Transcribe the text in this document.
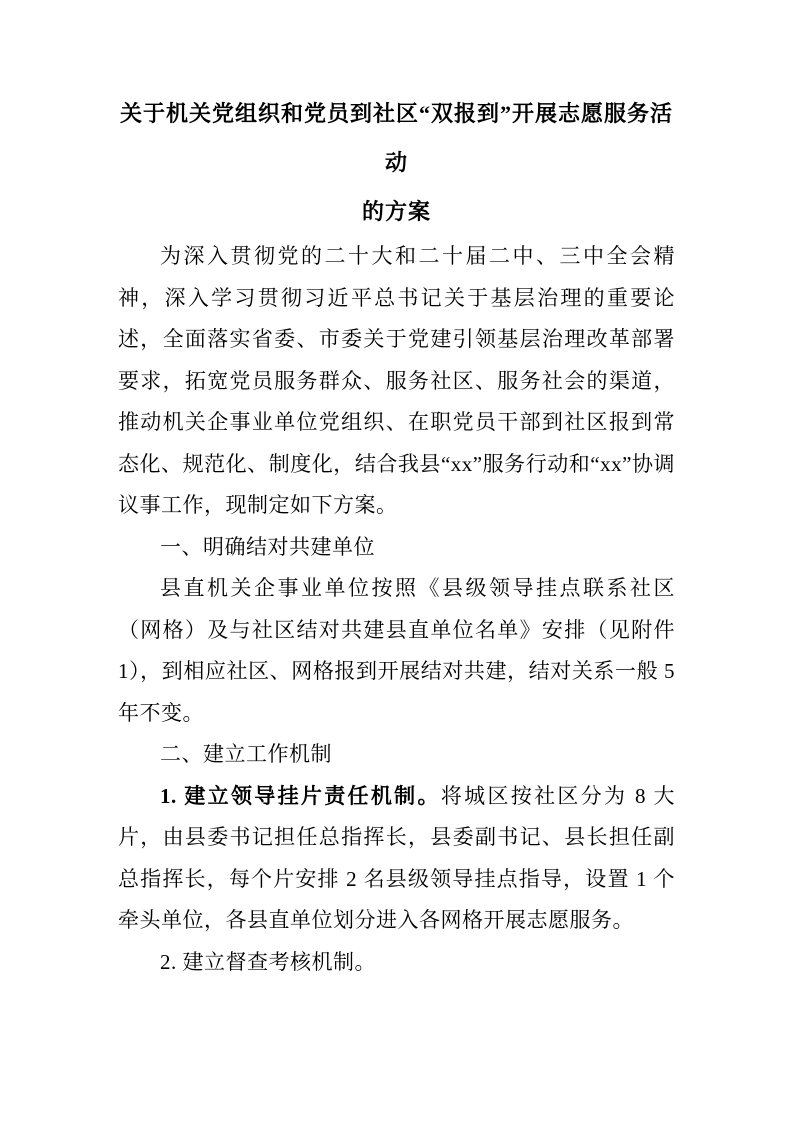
关于机关党组织和党员到社区“双报到”开展志愿服务活动
的方案

为深入贯彻党的二十大和二十届二中、三中全会精神，深入学习贯彻习近平总书记关于基层治理的重要论述，全面落实省委、市委关于党建引领基层治理改革部署要求，拓宽党员服务群众、服务社区、服务社会的渠道，推动机关企事业单位党组织、在职党员干部到社区报到常态化、规范化、制度化，结合我县“xx”服务行动和“xx”协调议事工作，现制定如下方案。

一、明确结对共建单位

县直机关企事业单位按照《县级领导挂点联系社区（网格）及与社区结对共建县直单位名单》安排（见附件 1），到相应社区、网格报到开展结对共建，结对关系一般 5 年不变。

二、建立工作机制

1. 建立领导挂片责任机制。将城区按社区分为 8 大片，由县委书记担任总指挥长，县委副书记、县长担任副总指挥长，每个片安排 2 名县级领导挂点指导，设置 1 个牵头单位，各县直单位划分进入各网格开展志愿服务。

2. 建立督查考核机制。
